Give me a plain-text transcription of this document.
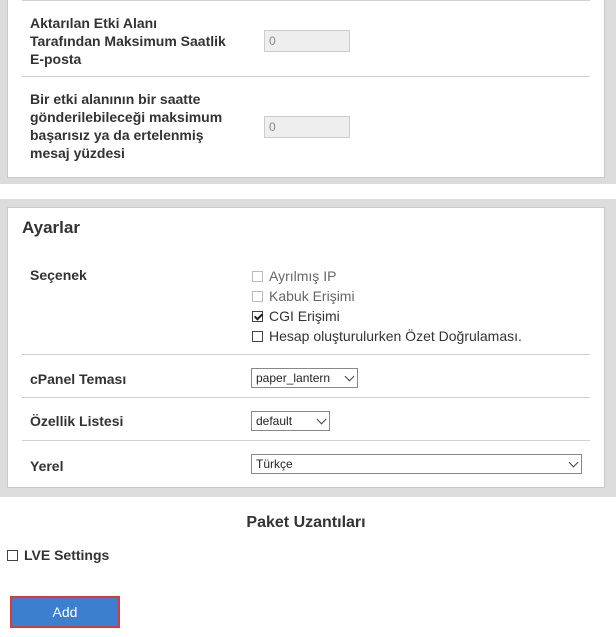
Aktarılan Etki Alanı
Tarafından Maksimum Saatlik
E-posta
0
Bir etki alanının bir saatte
gönderilebileceği maksimum
başarısız ya da ertelenmiş
mesaj yüzdesi
0
Ayarlar
Seçenek	Ayrılmış IP
Kabuk Erişimi
CGI Erişimi
Hesap oluşturulurken Özet Doğrulaması.
cPanel Teması	paper_lantern
Özellik Listesi	default
Yerel	Türkçe
Paket Uzantıları
LVE Settings
Add
